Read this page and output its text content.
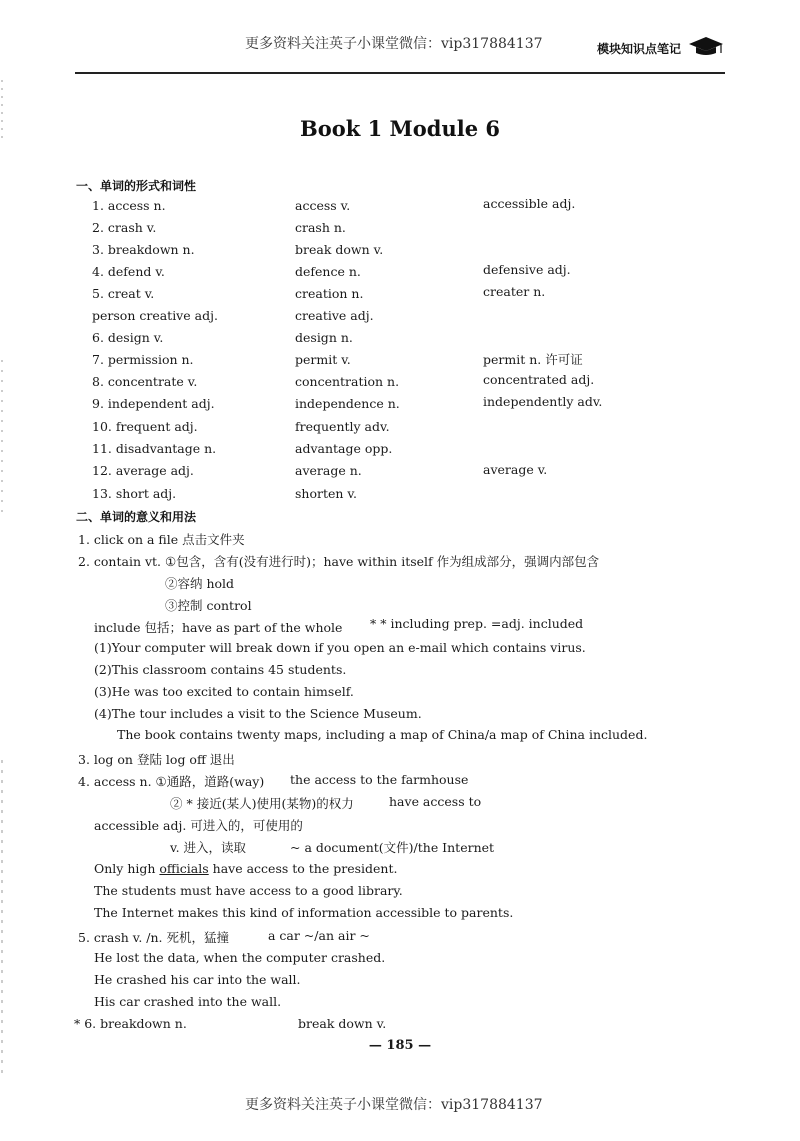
更多资料关注英子小课堂微信：vip317884137	模块知识点笔记
Book 1 Module 6
一、单词的形式和词性
1. access n.	access v.	accessible adj.
2. crash v.	crash n.
3. breakdown n.	break down v.
4. defend v.	defence n.	defensive adj.
5. creat v.	creation n.	creater n.
person creative adj.	creative adj.
6. design v.	design n.
7. permission n.	permit v.	permit n. 许可证
8. concentrate v.	concentration n.	concentrated adj.
9. independent adj.	independence n.	independently adv.
10. frequent adj.	frequently adv.
11. disadvantage n.	advantage opp.
12. average adj.	average n.	average v.
13. short adj.	shorten v.
二、单词的意义和用法
1. click on a file 点击文件夹
2. contain vt. ①包含，含有(没有进行时)；have within itself 作为组成部分，强调内部包含
②容纳 hold
③控制 control
include 包括；have as part of the whole * * including prep. =adj. included
(1)Your computer will break down if you open an e-mail which contains virus.
(2)This classroom contains 45 students.
(3)He was too excited to contain himself.
(4)The tour includes a visit to the Science Museum.
The book contains twenty maps, including a map of China/a map of China included.
3. log on 登陆 log off 退出
4. access n. ①通路，道路(way) the access to the farmhouse
② * 接近(某人)使用(某物)的权力	have access to
accessible adj. 可进入的，可使用的
v. 进入，读取	~ a document(文件)/the Internet
Only high officials have access to the president.
The students must have access to a good library.
The Internet makes this kind of information accessible to parents.
5. crash v. /n. 死机，猛撞	a car ~/an air ~
He lost the data, when the computer crashed.
He crashed his car into the wall.
His car crashed into the wall.
* 6. breakdown n.	break down v.
— 185 —
更多资料关注英子小课堂微信：vip317884137
